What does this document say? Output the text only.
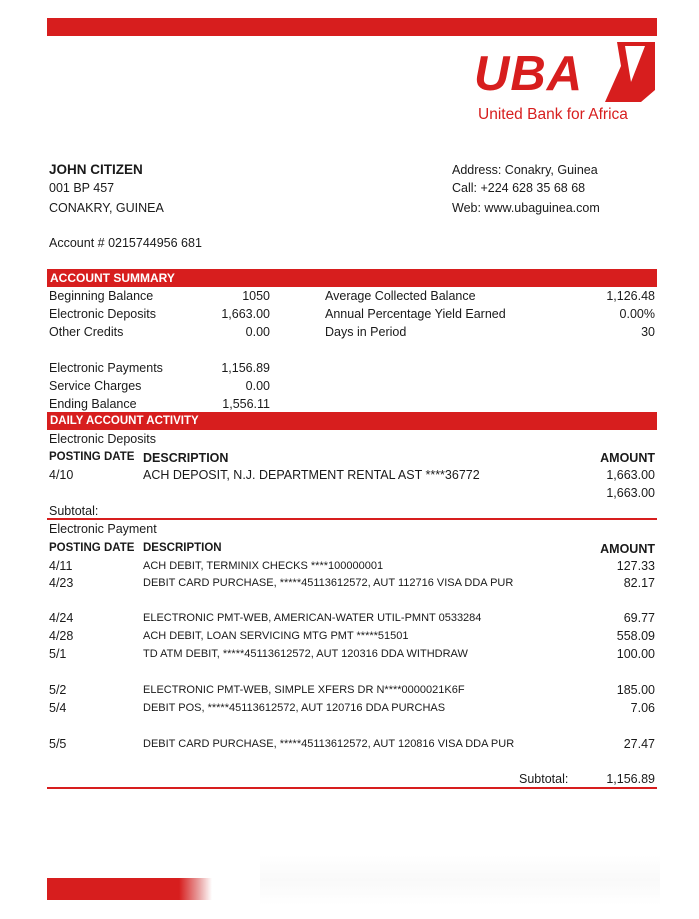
UBA
United Bank for Africa
JOHN CITIZEN
001 BP 457
CONAKRY, GUINEA
Account # 0215744956 681
Address: Conakry, Guinea
Call: +224 628 35 68 68
Web: www.ubaguinea.com
ACCOUNT SUMMARY
Beginning Balance	1050
Electronic Deposits	1,663.00
Other Credits	0.00
Average Collected Balance	1,126.48
Annual Percentage Yield Earned	0.00%
Days in Period	30
Electronic Payments	1,156.89
Service Charges	0.00
Ending Balance	1,556.11
DAILY ACCOUNT ACTIVITY
Electronic Deposits
POSTING DATE DESCRIPTION	AMOUNT
4/10	ACH DEPOSIT, N.J. DEPARTMENT RENTAL AST ****36772	1,663.00
1,663.00
Subtotal:
Electronic Payment
POSTING DATE DESCRIPTION	AMOUNT
4/11	ACH DEBIT, TERMINIX CHECKS ****100000001	127.33
4/23	DEBIT CARD PURCHASE, *****45113612572, AUT 112716 VISA DDA PUR	82.17
4/24	ELECTRONIC PMT-WEB, AMERICAN-WATER UTIL-PMNT 0533284	69.77
4/28	ACH DEBIT, LOAN SERVICING MTG PMT *****51501	558.09
5/1	TD ATM DEBIT, *****45113612572, AUT 120316 DDA WITHDRAW	100.00
5/2	ELECTRONIC PMT-WEB, SIMPLE XFERS DR N****0000021K6F	185.00
5/4	DEBIT POS, *****45113612572, AUT 120716 DDA PURCHAS	7.06
5/5	DEBIT CARD PURCHASE, *****45113612572, AUT 120816 VISA DDA PUR	27.47
Subtotal:	1,156.89
